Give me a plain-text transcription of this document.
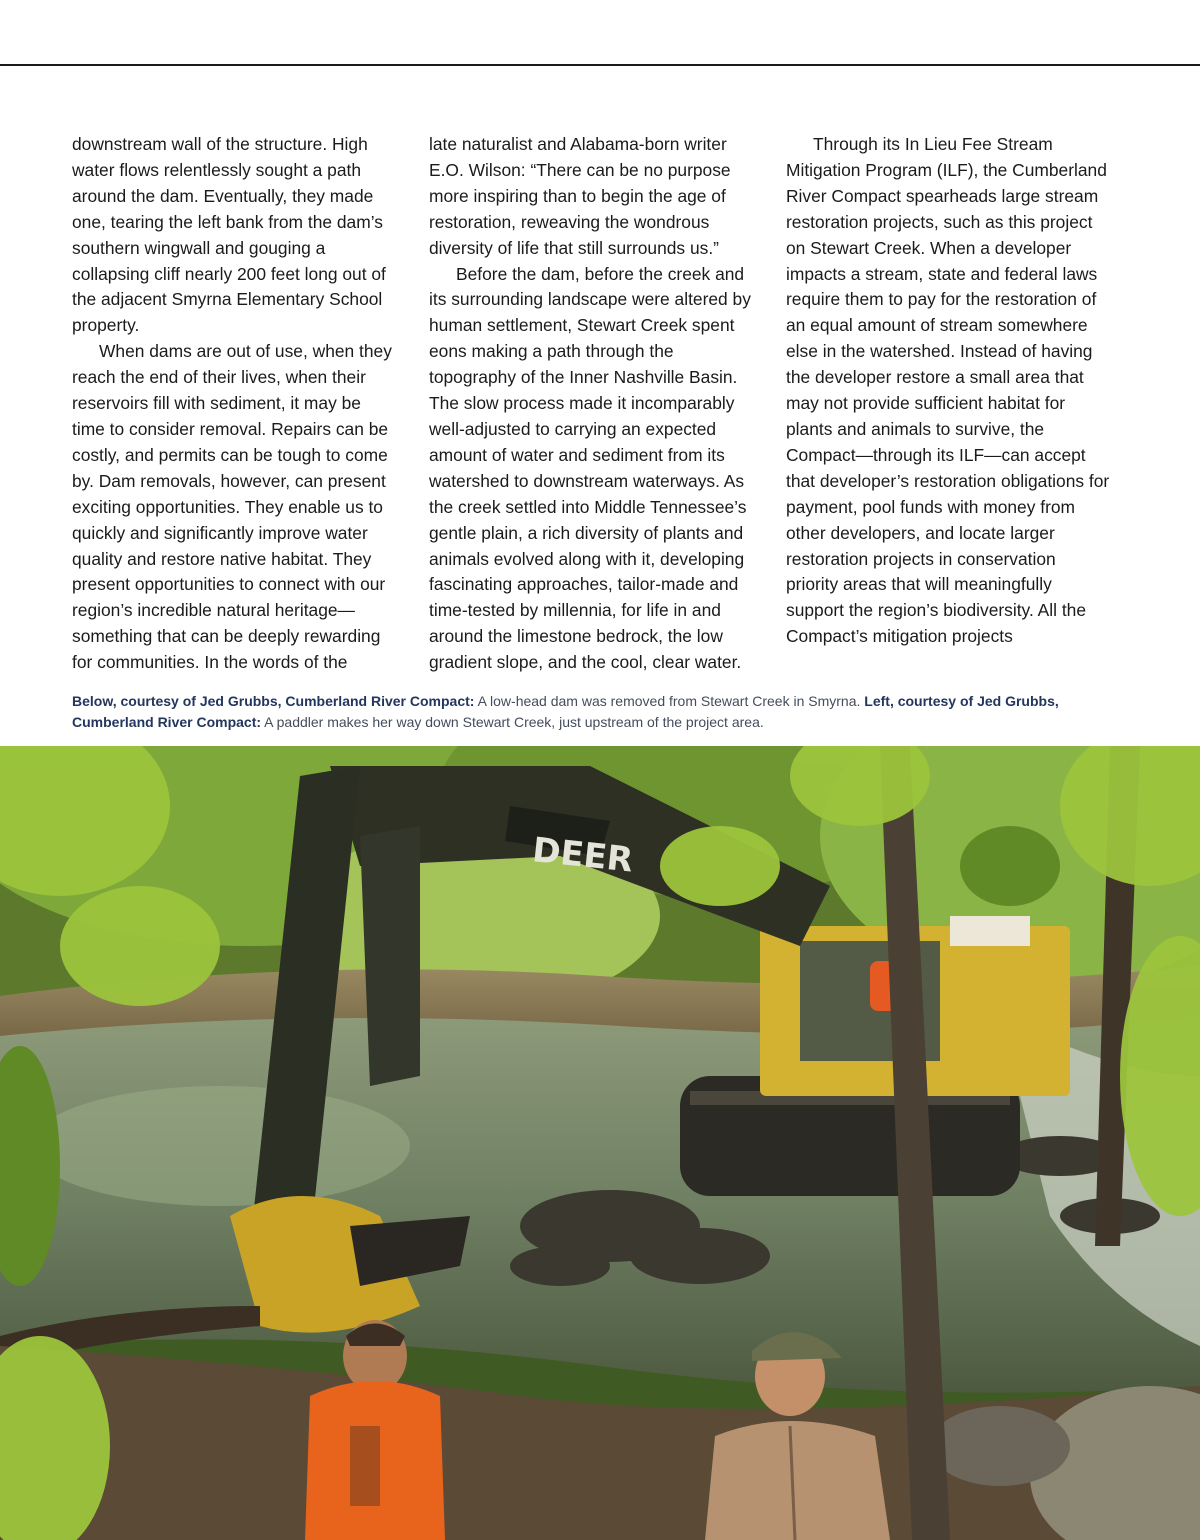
downstream wall of the structure. High water flows relentlessly sought a path around the dam. Eventually, they made one, tearing the left bank from the dam’s southern wingwall and gouging a collapsing cliff nearly 200 feet long out of the adjacent Smyrna Elementary School property.

When dams are out of use, when they reach the end of their lives, when their reservoirs fill with sediment, it may be time to consider removal. Repairs can be costly, and permits can be tough to come by. Dam removals, however, can present exciting opportunities. They enable us to quickly and significantly improve water quality and restore native habitat. They present opportunities to connect with our region’s incredible natural heritage—something that can be deeply rewarding for communities. In the words of the

late naturalist and Alabama-born writer E.O. Wilson: “There can be no purpose more inspiring than to begin the age of restoration, reweaving the wondrous diversity of life that still surrounds us.”

Before the dam, before the creek and its surrounding landscape were altered by human settlement, Stewart Creek spent eons making a path through the topography of the Inner Nashville Basin. The slow process made it incomparably well-adjusted to carrying an expected amount of water and sediment from its watershed to downstream waterways. As the creek settled into Middle Tennessee’s gentle plain, a rich diversity of plants and animals evolved along with it, developing fascinating approaches, tailor-made and time-tested by millennia, for life in and around the limestone bedrock, the low gradient slope, and the cool, clear water.

Through its In Lieu Fee Stream Mitigation Program (ILF), the Cumberland River Compact spearheads large stream restoration projects, such as this project on Stewart Creek. When a developer impacts a stream, state and federal laws require them to pay for the restoration of an equal amount of stream somewhere else in the watershed. Instead of having the developer restore a small area that may not provide sufficient habitat for plants and animals to survive, the Compact—through its ILF—can accept that developer’s restoration obligations for payment, pool funds with money from other developers, and locate larger restoration projects in conservation priority areas that will meaningfully support the region’s biodiversity. All the Compact’s mitigation projects

Below, courtesy of Jed Grubbs, Cumberland River Compact: A low-head dam was removed from Stewart Creek in Smyrna. Left, courtesy of Jed Grubbs, Cumberland River Compact: A paddler makes her way down Stewart Creek, just upstream of the project area.
DEER
